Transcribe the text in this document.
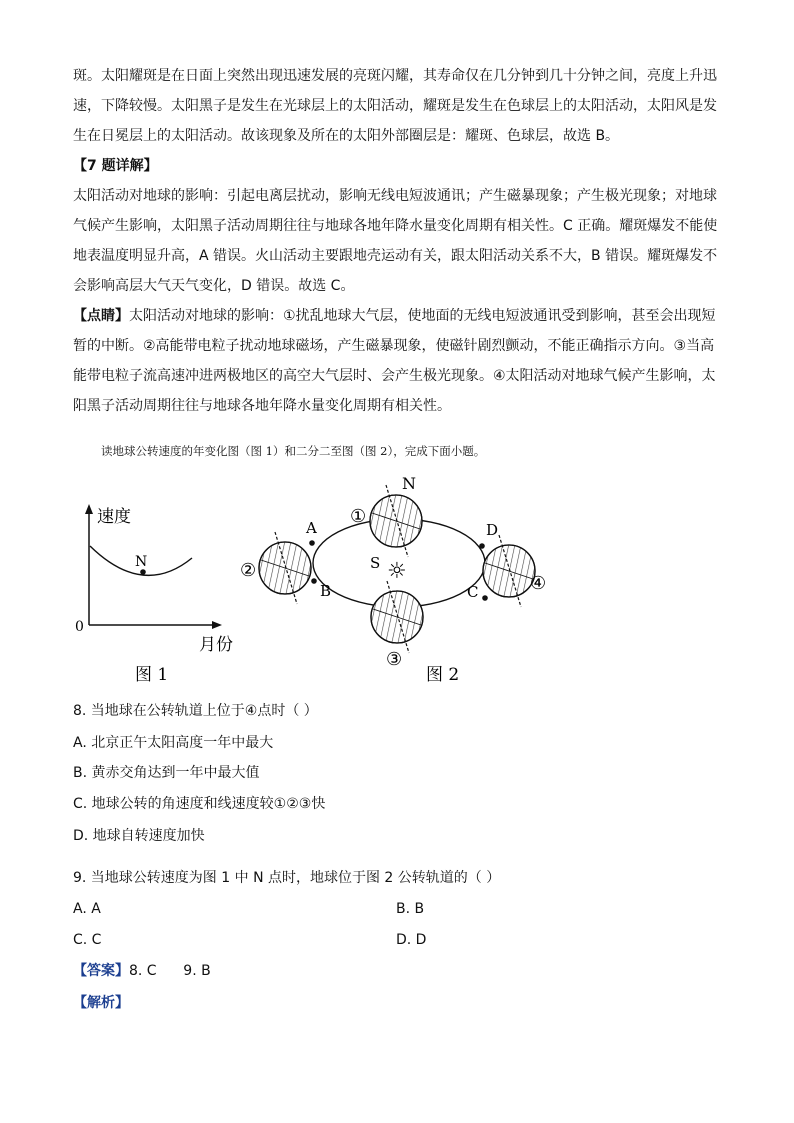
斑。太阳耀斑是在日面上突然出现迅速发展的亮斑闪耀，其寿命仅在几分钟到几十分钟之间，亮度上升迅
速，下降较慢。太阳黑子是发生在光球层上的太阳活动，耀斑是发生在色球层上的太阳活动，太阳风是发
生在日冕层上的太阳活动。故该现象及所在的太阳外部圈层是：耀斑、色球层，故选 B。
【7 题详解】
太阳活动对地球的影响：引起电离层扰动，影响无线电短波通讯；产生磁暴现象；产生极光现象；对地球
气候产生影响，太阳黑子活动周期往往与地球各地年降水量变化周期有相关性。C 正确。耀斑爆发不能使
地表温度明显升高，A 错误。火山活动主要跟地壳运动有关，跟太阳活动关系不大，B 错误。耀斑爆发不
会影响高层大气天气变化，D 错误。故选 C。
【点睛】太阳活动对地球的影响：①扰乱地球大气层，使地面的无线电短波通讯受到影响，甚至会出现短
暂的中断。②高能带电粒子扰动地球磁场，产生磁暴现象，使磁针剧烈颤动，不能正确指示方向。③当高
能带电粒子流高速冲进两极地区的高空大气层时、会产生极光现象。④太阳活动对地球气候产生影响，太
阳黑子活动周期往往与地球各地年降水量变化周期有相关性。
读地球公转速度的年变化图（图 1）和二分二至图（图 2），完成下面小题。
速度
月份
0
N
图 1
①
②
③
④
A
B	C
D
N
S ☼
图 2
8. 当地球在公转轨道上位于④点时（ ）
A. 北京正午太阳高度一年中最大
B. 黄赤交角达到一年中最大值
C. 地球公转的角速度和线速度较①②③快
D. 地球自转速度加快
9. 当地球公转速度为图 1 中 N 点时，地球位于图 2 公转轨道的（ ）
A. A	B. B
C. C	D. D
【答案】8. C      9. B
【解析】
